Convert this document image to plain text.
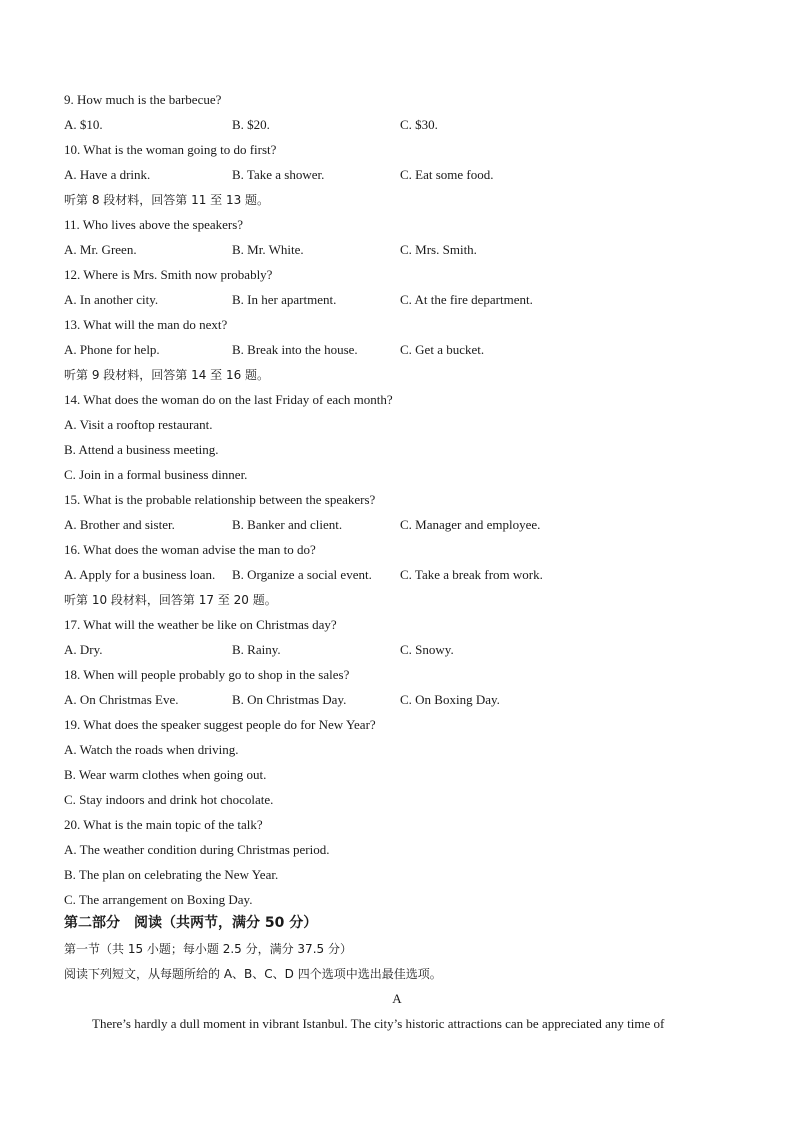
9. How much is the barbecue?
A. $10.	B. $20.	C. $30.
10. What is the woman going to do first?
A. Have a drink.	B. Take a shower.	C. Eat some food.
听第 8 段材料，回答第 11 至 13 题。
11. Who lives above the speakers?
A. Mr. Green.	B. Mr. White.	C. Mrs. Smith.
12. Where is Mrs. Smith now probably?
A. In another city.	B. In her apartment.	C. At the fire department.
13. What will the man do next?
A. Phone for help.	B. Break into the house.	C. Get a bucket.
听第 9 段材料，回答第 14 至 16 题。
14. What does the woman do on the last Friday of each month?
A. Visit a rooftop restaurant.
B. Attend a business meeting.
C. Join in a formal business dinner.
15. What is the probable relationship between the speakers?
A. Brother and sister.	B. Banker and client.	C. Manager and employee.
16. What does the woman advise the man to do?
A. Apply for a business loan. B. Organize a social event. C. Take a break from work.
听第 10 段材料，回答第 17 至 20 题。
17. What will the weather be like on Christmas day?
A. Dry.	B. Rainy.	C. Snowy.
18. When will people probably go to shop in the sales?
A. On Christmas Eve.	B. On Christmas Day.	C. On Boxing Day.
19. What does the speaker suggest people do for New Year?
A. Watch the roads when driving.
B. Wear warm clothes when going out.
C. Stay indoors and drink hot chocolate.
20. What is the main topic of the talk?
A. The weather condition during Christmas period.
B. The plan on celebrating the New Year.
C. The arrangement on Boxing Day.
第二部分　阅读（共两节，满分 50 分）
第一节（共 15 小题；每小题 2.5 分，满分 37.5 分）
阅读下列短文，从每题所给的 A、B、C、D 四个选项中选出最佳选项。
A
There’s hardly a dull moment in vibrant Istanbul. The city’s historic attractions can be appreciated any time of
